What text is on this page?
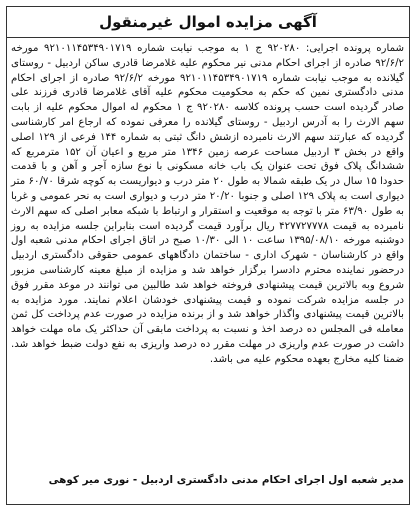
آگهی مزایده اموال غیرمنقول

شماره پرونده اجرایی: ۹۲۰۲۸۰ ج ۱ به موجب نیابت شماره ۹۲۱۰۱۱۴۵۳۴۹۰۱۷۱۹ مورخه ۹۲/۶/۲ صادره از اجرای احکام مدنی نیر محکوم علیه غلامرضا قادری ساکن اردبیل - روستای گیلانده به موجب نیابت شماره ۹۲۱۰۱۱۴۵۳۴۹۰۱۷۱۹ مورخه ۹۲/۶/۲ صادره از اجرای احکام مدنی دادگستری نمین که حکم به محکومیت محکوم علیه آقای غلامرضا قادری فرزند علی صادر گردیده است حسب پرونده کلاسه ۹۲۰۲۸۰ ج ۱ محکوم له اموال محکوم علیه از بابت سهم الارث را به آدرس اردبیل - روستای گیلانده را معرفی نموده که ارجاع امر کارشناسی گردیده که عبارتند سهم الارث نامبرده ازشش دانگ ثبتی به شماره ۱۴۴ فرعی از ۱۲۹ اصلی واقع در بخش ۳ اردبیل مساحت عرصه زمین ۱۳۴۶ متر مربع و اعیان آن ۱۵۲ مترمربع که ششدانگ پلاک فوق تحت عنوان یک باب خانه مسکونی با نوع سازه آجر و آهن و با قدمت حدودا ۱۵ سال در یک طبقه شمالا به طول ۲۰ متر درب و دیواریست به کوچه شرقا ۶۰/۷۰ متر دیواری است به پلاک ۱۲۹ اصلی و جنوبا ۲۰/۲۰ متر درب و دیواری است به نحر عمومی و غربا به طول ۶۳/۹۰ متر با توجه به موقعیت و استقرار و ارتباط با شبکه معابر اصلی که سهم الارث نامبرده به قیمت ۴۲۷۷۲۷۷۷۸ ریال برآورد قیمت گردیده است بنابراین جلسه مزایده به روز دوشنبه مورخه ۱۳۹۵/۰۸/۱۰ ساعت ۱۰ الی ۱۰/۳۰ صبح در اتاق اجرای احکام مدنی شعبه اول واقع در کارشناسان - شهرک اداری - ساختمان دادگاههای عمومی حقوقی دادگستری اردبیل درحضور نماینده محترم دادسرا برگزار خواهد شد و مزایده از مبلغ معینه کارشناسی مزبور شروع وبه بالاترین قیمت پیشنهادی فروخته خواهد شد طالبین می توانند در موعد مقرر فوق در جلسه مزایده شرکت نموده و قیمت پیشنهادی خودشان اعلام نمایند. مورد مزایده به بالاترین قیمت پیشنهادی واگذار خواهد شد و از برنده مزایده در صورت عدم پرداخت کل ثمن معامله فی المجلس ده درصد اخذ و نسبت به پرداخت مابقی آن حداکثر یک ماه مهلت خواهد داشت در صورت عدم واریزی در مهلت مقرر ده درصد واریزی به نفع دولت ضبط خواهد شد. ضمنا کلیه مخارج بعهده محکوم علیه می باشد.

مدیر شعبه اول اجرای احکام مدنی دادگستری اردبیل - نوری میر کوهی
